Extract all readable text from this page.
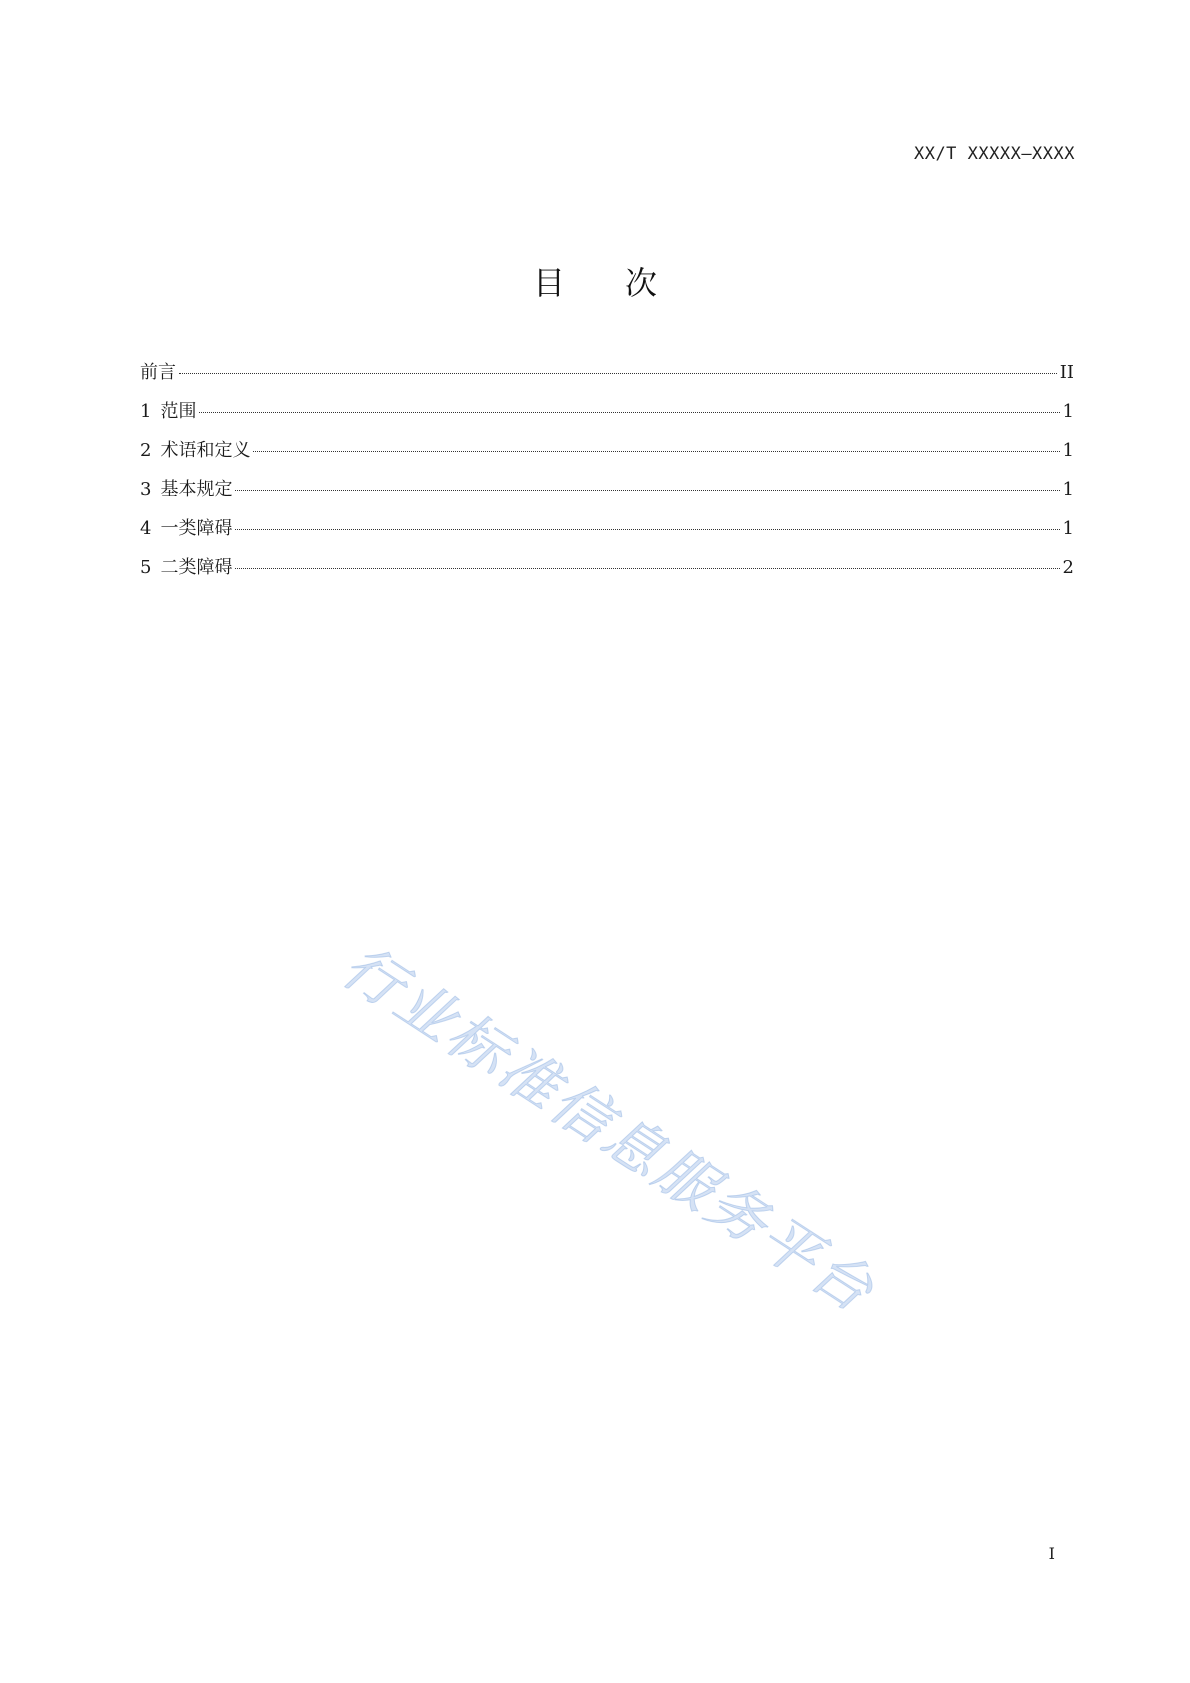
XX/T XXXXX—XXXX
目次
前言	II
1 范围	1
2 术语和定义	1
3 基本规定	1
4 一类障碍	1
5 二类障碍	2
行业标准信息服务平台
I
